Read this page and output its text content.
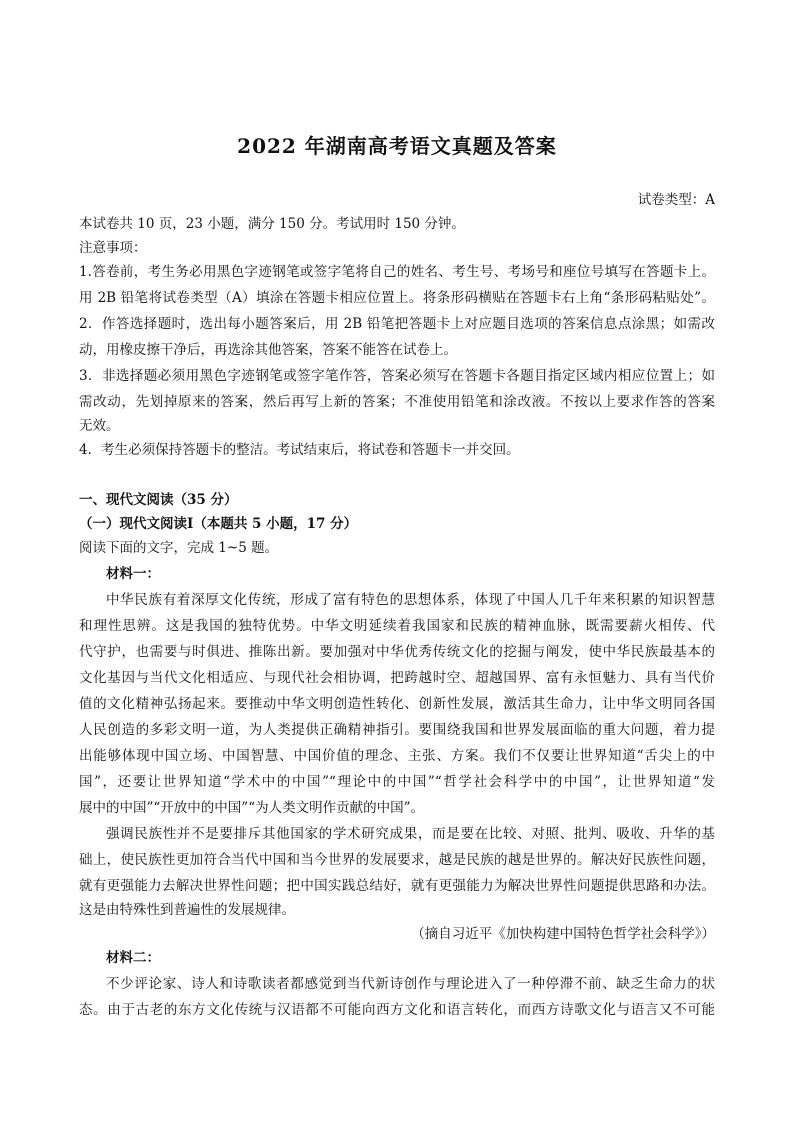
2022 年湖南高考语文真题及答案
试卷类型：A
本试卷共 10 页，23 小题，满分 150 分。考试用时 150 分钟。
注意事项：
1.答卷前，考生务必用黑色字迹钢笔或签字笔将自己的姓名、考生号、考场号和座位号填写在答题卡上。
用 2B 铅笔将试卷类型（A）填涂在答题卡相应位置上。将条形码横贴在答题卡右上角“条形码粘贴处”。
2．作答选择题时，选出每小题答案后，用 2B 铅笔把答题卡上对应题目选项的答案信息点涂黑；如需改
动，用橡皮擦干净后，再选涂其他答案，答案不能答在试卷上。
3．非选择题必须用黑色字迹钢笔或签字笔作答，答案必须写在答题卡各题目指定区域内相应位置上；如
需改动，先划掉原来的答案，然后再写上新的答案；不准使用铅笔和涂改液。不按以上要求作答的答案
无效。
4．考生必须保持答题卡的整洁。考试结束后，将试卷和答题卡一并交回。
一、现代文阅读（35 分）
（一）现代文阅读Ⅰ（本题共 5 小题，17 分）
阅读下面的文字，完成 1~5 题。
材料一：
中华民族有着深厚文化传统，形成了富有特色的思想体系，体现了中国人几千年来积累的知识智慧
和理性思辨。这是我国的独特优势。中华文明延续着我国家和民族的精神血脉，既需要薪火相传、代
代守护，也需要与时俱进、推陈出新。要加强对中华优秀传统文化的挖掘与阐发，使中华民族最基本的
文化基因与当代文化相适应、与现代社会相协调，把跨越时空、超越国界、富有永恒魅力、具有当代价
值的文化精神弘扬起来。要推动中华文明创造性转化、创新性发展，激活其生命力，让中华文明同各国
人民创造的多彩文明一道，为人类提供正确精神指引。要围绕我国和世界发展面临的重大问题，着力提
出能够体现中国立场、中国智慧、中国价值的理念、主张、方案。我们不仅要让世界知道“舌尖上的中
国”，还要让世界知道“学术中的中国”“理论中的中国”“哲学社会科学中的中国”，让世界知道“发
展中的中国”“开放中的中国”“为人类文明作贡献的中国”。
强调民族性并不是要排斥其他国家的学术研究成果，而是要在比较、对照、批判、吸收、升华的基
础上，使民族性更加符合当代中国和当今世界的发展要求，越是民族的越是世界的。解决好民族性问题，
就有更强能力去解决世界性问题；把中国实践总结好，就有更强能力为解决世界性问题提供思路和办法。
这是由特殊性到普遍性的发展规律。
（摘自习近平《加快构建中国特色哲学社会科学》）
材料二：
不少评论家、诗人和诗歌读者都感觉到当代新诗创作与理论进入了一种停滞不前、缺乏生命力的状
态。由于古老的东方文化传统与汉语都不可能向西方文化和语言转化，而西方诗歌文化与语言又不可能
